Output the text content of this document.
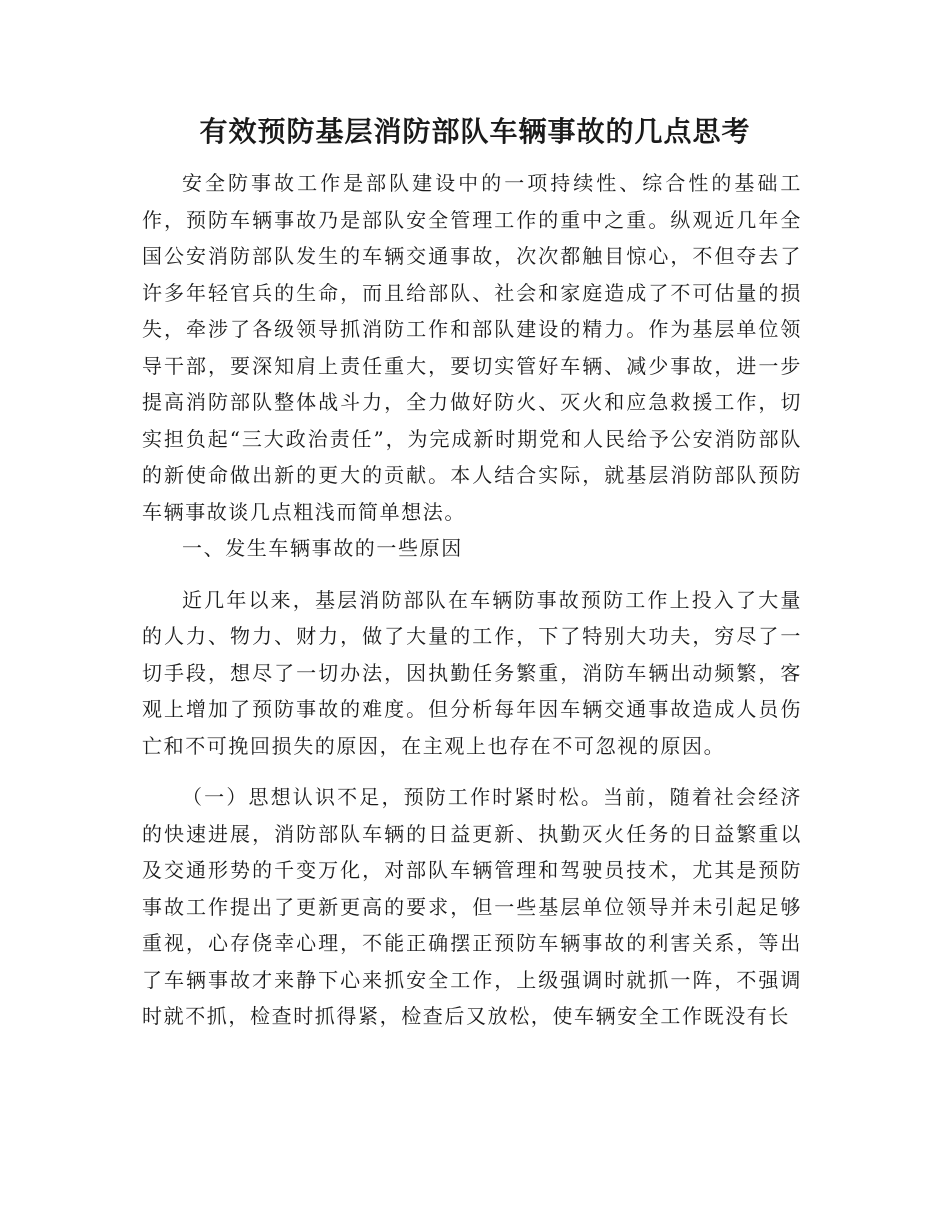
有效预防基层消防部队车辆事故的几点思考

安全防事故工作是部队建设中的一项持续性、综合性的基础工作，预防车辆事故乃是部队安全管理工作的重中之重。纵观近几年全国公安消防部队发生的车辆交通事故，次次都触目惊心，不但夺去了许多年轻官兵的生命，而且给部队、社会和家庭造成了不可估量的损失，牵涉了各级领导抓消防工作和部队建设的精力。作为基层单位领导干部，要深知肩上责任重大，要切实管好车辆、减少事故，进一步提高消防部队整体战斗力，全力做好防火、灭火和应急救援工作，切实担负起“三大政治责任”，为完成新时期党和人民给予公安消防部队的新使命做出新的更大的贡献。本人结合实际，就基层消防部队预防车辆事故谈几点粗浅而简单想法。

一、发生车辆事故的一些原因

近几年以来，基层消防部队在车辆防事故预防工作上投入了大量的人力、物力、财力，做了大量的工作，下了特别大功夫，穷尽了一切手段，想尽了一切办法，因执勤任务繁重，消防车辆出动频繁，客观上增加了预防事故的难度。但分析每年因车辆交通事故造成人员伤亡和不可挽回损失的原因，在主观上也存在不可忽视的原因。

（一）思想认识不足，预防工作时紧时松。当前，随着社会经济的快速进展，消防部队车辆的日益更新、执勤灭火任务的日益繁重以及交通形势的千变万化，对部队车辆管理和驾驶员技术，尤其是预防事故工作提出了更新更高的要求，但一些基层单位领导并未引起足够重视，心存侥幸心理，不能正确摆正预防车辆事故的利害关系，等出了车辆事故才来静下心来抓安全工作，上级强调时就抓一阵，不强调时就不抓，检查时抓得紧，检查后又放松，使车辆安全工作既没有长
